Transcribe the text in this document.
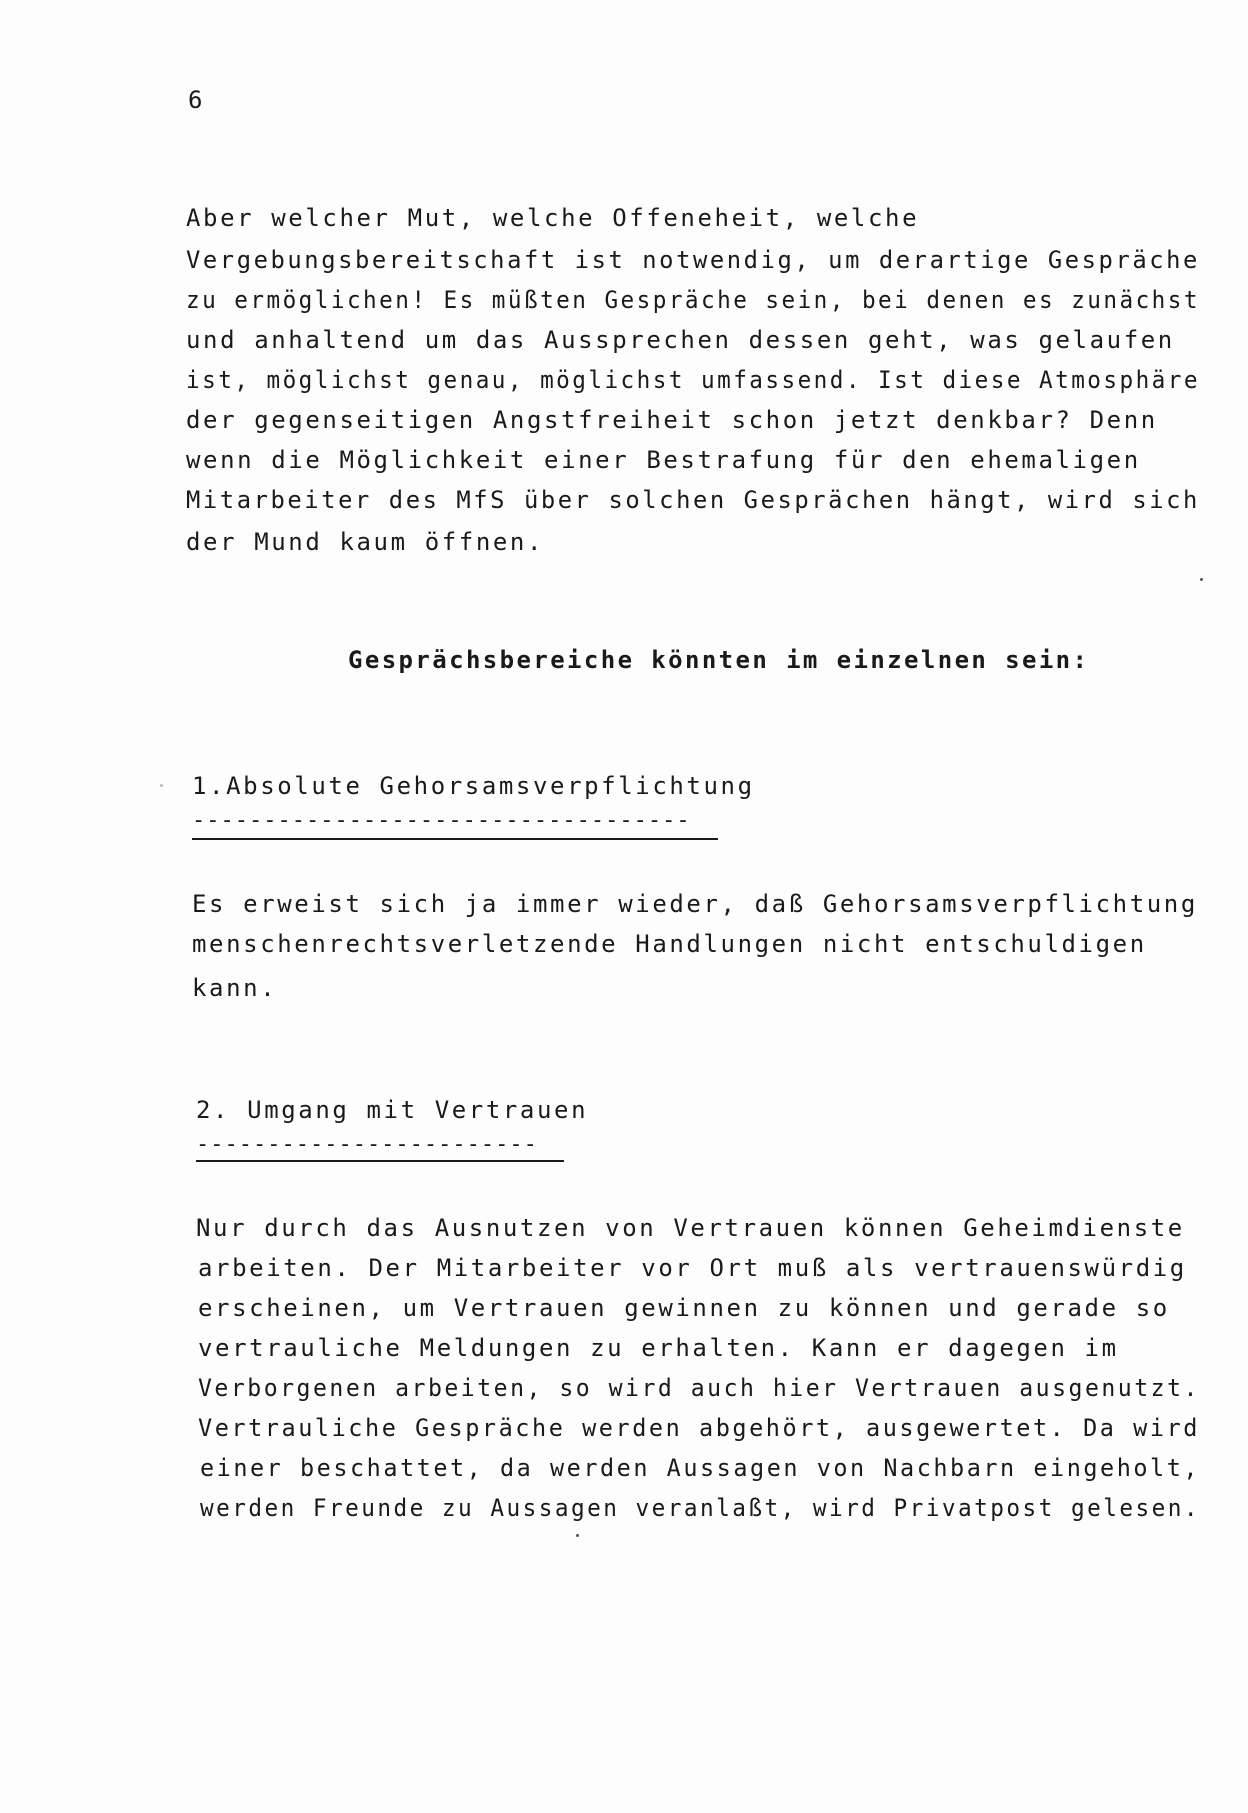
6
Aber welcher Mut, welche Offeneheit, welche
Vergebungsbereitschaft ist notwendig, um derartige Gespräche
zu ermöglichen! Es müßten Gespräche sein, bei denen es zunächst
und anhaltend um das Aussprechen dessen geht, was gelaufen
ist, möglichst genau, möglichst umfassend. Ist diese Atmosphäre
der gegenseitigen Angstfreiheit schon jetzt denkbar? Denn
wenn die Möglichkeit einer Bestrafung für den ehemaligen
Mitarbeiter des MfS über solchen Gesprächen hängt, wird sich
der Mund kaum öffnen.
Gesprächsbereiche könnten im einzelnen sein:
1.Absolute Gehorsamsverpflichtung
-----------------------------------
Es erweist sich ja immer wieder, daß Gehorsamsverpflichtung
menschenrechtsverletzende Handlungen nicht entschuldigen
kann.
2. Umgang mit Vertrauen
------------------------
Nur durch das Ausnutzen von Vertrauen können Geheimdienste
arbeiten. Der Mitarbeiter vor Ort muß als vertrauenswürdig
erscheinen, um Vertrauen gewinnen zu können und gerade so
vertrauliche Meldungen zu erhalten. Kann er dagegen im
Verborgenen arbeiten, so wird auch hier Vertrauen ausgenutzt.
Vertrauliche Gespräche werden abgehört, ausgewertet. Da wird
einer beschattet, da werden Aussagen von Nachbarn eingeholt,
werden Freunde zu Aussagen veranlaßt, wird Privatpost gelesen.
